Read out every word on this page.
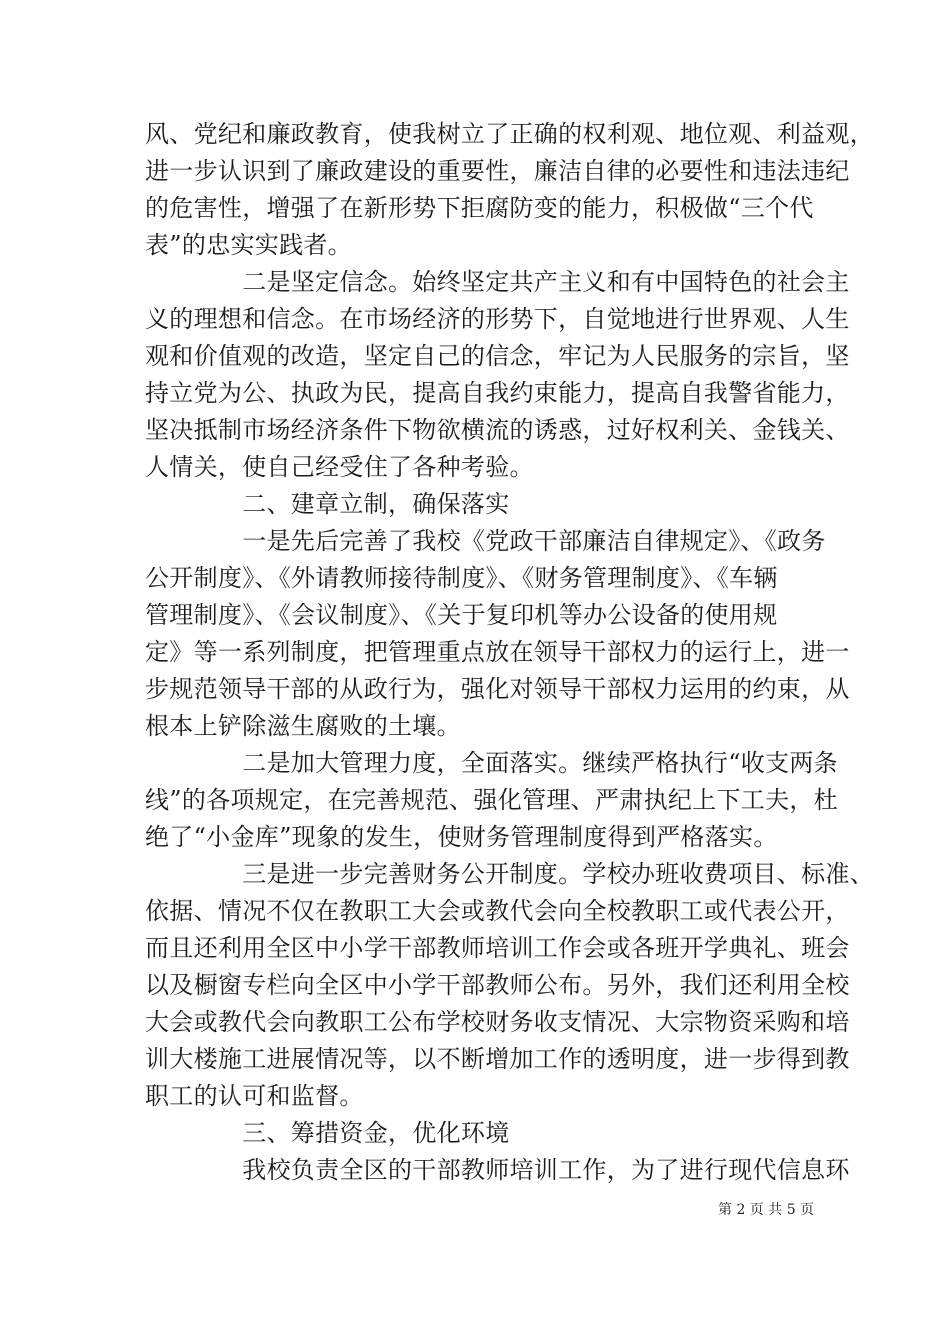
风、党纪和廉政教育，使我树立了正确的权利观、地位观、利益观，
进一步认识到了廉政建设的重要性，廉洁自律的必要性和违法违纪
的危害性，增强了在新形势下拒腐防变的能力，积极做“三个代
表”的忠实实践者。
　　　　二是坚定信念。始终坚定共产主义和有中国特色的社会主
义的理想和信念。在市场经济的形势下，自觉地进行世界观、人生
观和价值观的改造，坚定自己的信念，牢记为人民服务的宗旨，坚
持立党为公、执政为民，提高自我约束能力，提高自我警省能力，
坚决抵制市场经济条件下物欲横流的诱惑，过好权利关、金钱关、
人情关，使自己经受住了各种考验。
　　　　二、建章立制，确保落实
　　　　一是先后完善了我校《党政干部廉洁自律规定》、《政务
公开制度》、《外请教师接待制度》、《财务管理制度》、《车辆
管理制度》、《会议制度》、《关于复印机等办公设备的使用规
定》等一系列制度，把管理重点放在领导干部权力的运行上，进一
步规范领导干部的从政行为，强化对领导干部权力运用的约束，从
根本上铲除滋生腐败的土壤。
　　　　二是加大管理力度，全面落实。继续严格执行“收支两条
线”的各项规定，在完善规范、强化管理、严肃执纪上下工夫，杜
绝了“小金库”现象的发生，使财务管理制度得到严格落实。
　　　　三是进一步完善财务公开制度。学校办班收费项目、标准、
依据、情况不仅在教职工大会或教代会向全校教职工或代表公开，
而且还利用全区中小学干部教师培训工作会或各班开学典礼、班会
以及橱窗专栏向全区中小学干部教师公布。另外，我们还利用全校
大会或教代会向教职工公布学校财务收支情况、大宗物资采购和培
训大楼施工进展情况等，以不断增加工作的透明度，进一步得到教
职工的认可和监督。
　　　　三、筹措资金，优化环境
　　　　我校负责全区的干部教师培训工作，为了进行现代信息环
第 2 页 共 5 页
